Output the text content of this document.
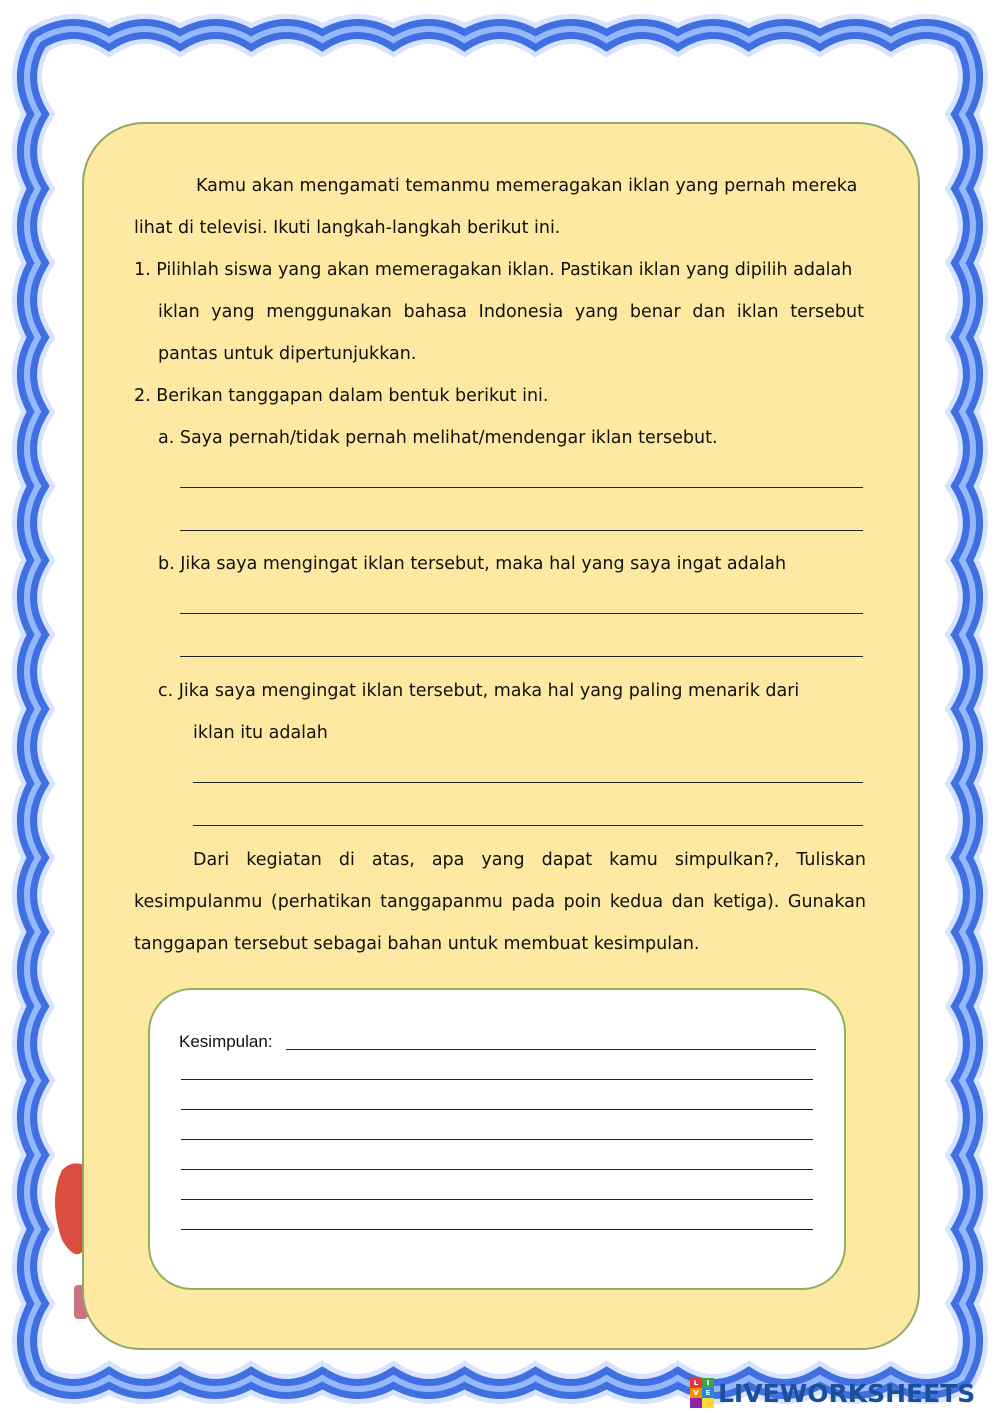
Kamu akan mengamati temanmu memeragakan iklan yang pernah mereka
lihat di televisi. Ikuti langkah-langkah berikut ini.
1. Pilihlah siswa yang akan memeragakan iklan. Pastikan iklan yang dipilih adalah
iklan yang menggunakan bahasa Indonesia yang benar dan iklan tersebut
pantas untuk dipertunjukkan.
2. Berikan tanggapan dalam bentuk berikut ini.
a. Saya pernah/tidak pernah melihat/mendengar iklan tersebut.
b. Jika saya mengingat iklan tersebut, maka hal yang saya ingat adalah
c. Jika saya mengingat iklan tersebut, maka hal yang paling menarik dari
iklan itu adalah
Dari kegiatan di atas, apa yang dapat kamu simpulkan?, Tuliskan
kesimpulanmu (perhatikan tanggapanmu pada poin kedua dan ketiga). Gunakan
tanggapan tersebut sebagai bahan untuk membuat kesimpulan.
Kesimpulan:
L	I
V E LIVEWORKSHEETS
